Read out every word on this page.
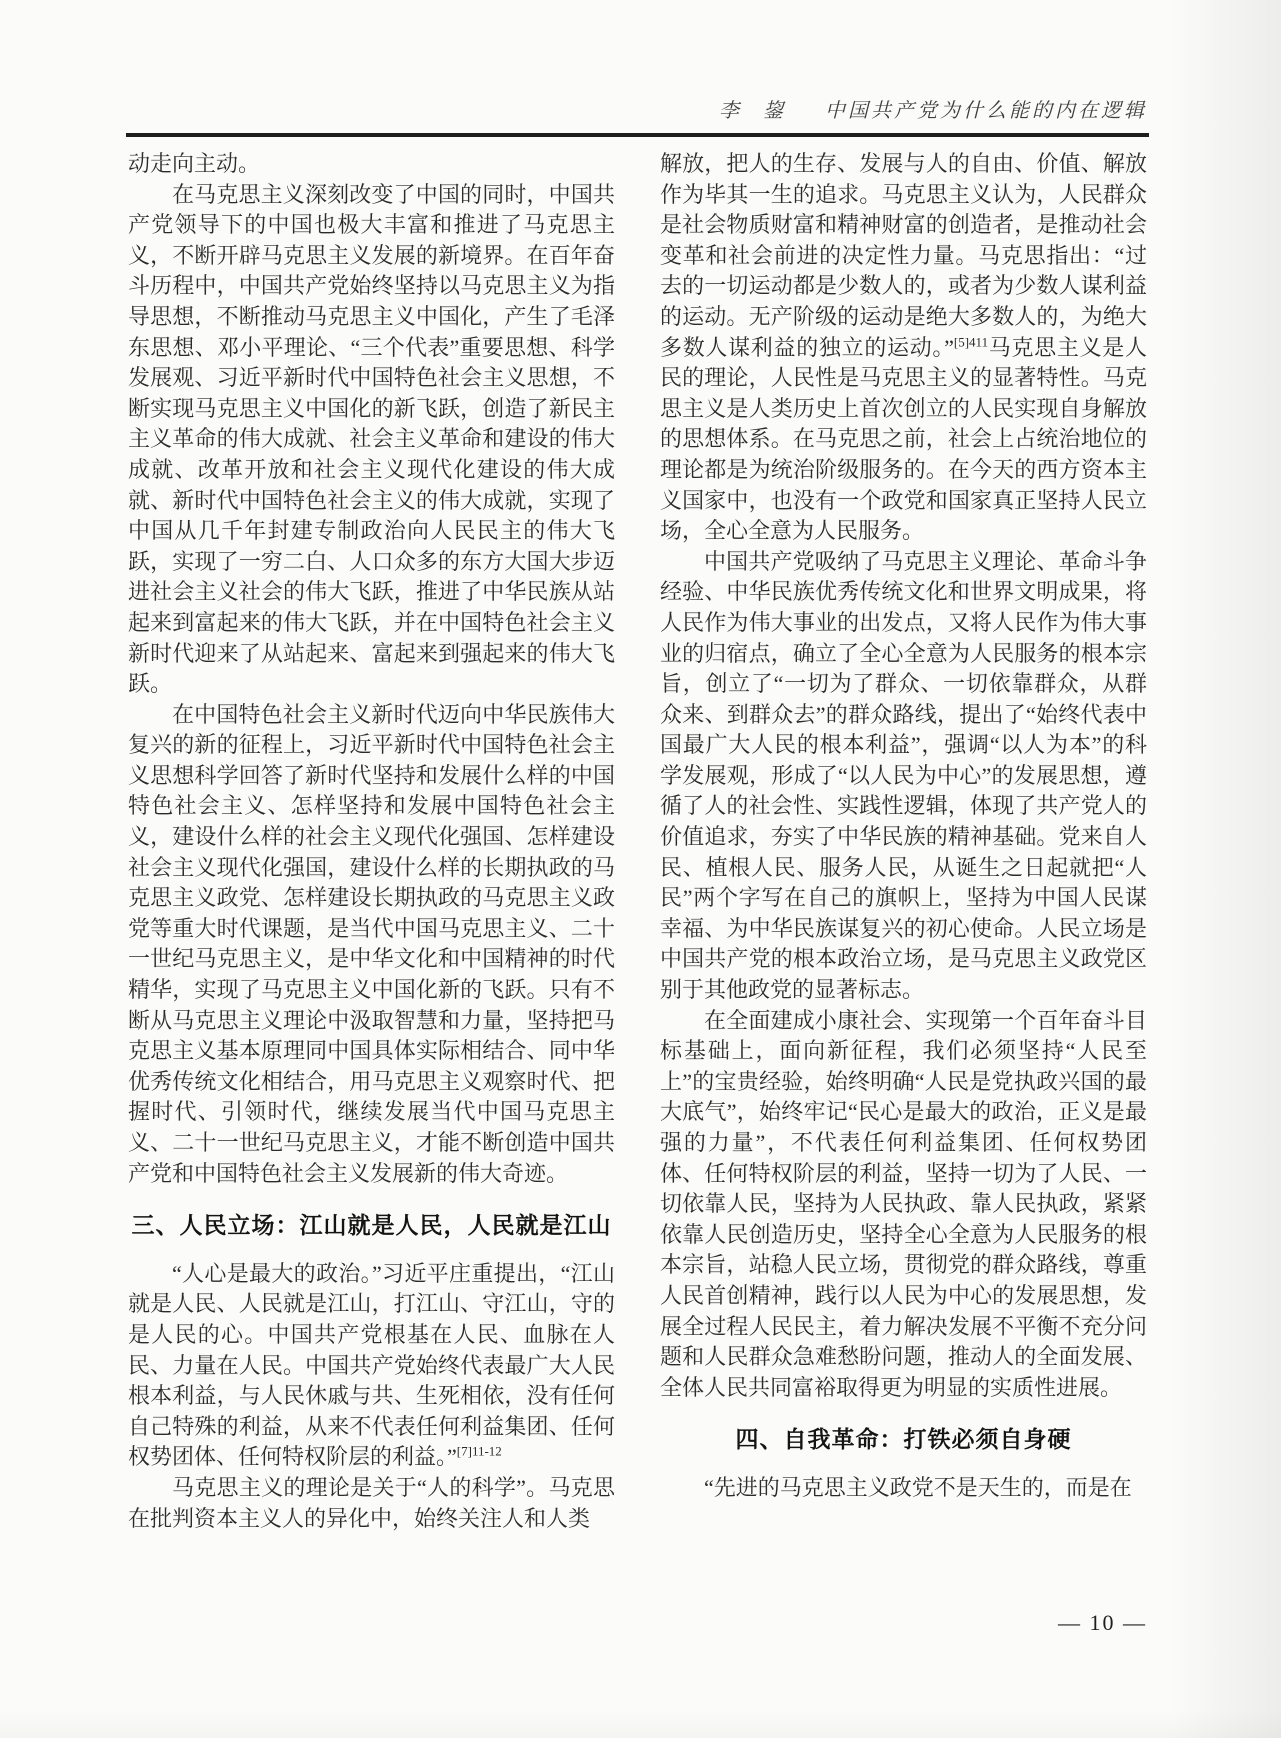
李　鋆 中国共产党为什么能的内在逻辑

动走向主动。

在马克思主义深刻改变了中国的同时，中国共产党领导下的中国也极大丰富和推进了马克思主义，不断开辟马克思主义发展的新境界。在百年奋斗历程中，中国共产党始终坚持以马克思主义为指导思想，不断推动马克思主义中国化，产生了毛泽东思想、邓小平理论、“三个代表”重要思想、科学发展观、习近平新时代中国特色社会主义思想，不断实现马克思主义中国化的新飞跃，创造了新民主主义革命的伟大成就、社会主义革命和建设的伟大成就、改革开放和社会主义现代化建设的伟大成就、新时代中国特色社会主义的伟大成就，实现了中国从几千年封建专制政治向人民民主的伟大飞跃，实现了一穷二白、人口众多的东方大国大步迈进社会主义社会的伟大飞跃，推进了中华民族从站起来到富起来的伟大飞跃，并在中国特色社会主义新时代迎来了从站起来、富起来到强起来的伟大飞跃。

在中国特色社会主义新时代迈向中华民族伟大复兴的新的征程上，习近平新时代中国特色社会主义思想科学回答了新时代坚持和发展什么样的中国特色社会主义、怎样坚持和发展中国特色社会主义，建设什么样的社会主义现代化强国、怎样建设社会主义现代化强国，建设什么样的长期执政的马克思主义政党、怎样建设长期执政的马克思主义政党等重大时代课题，是当代中国马克思主义、二十一世纪马克思主义，是中华文化和中国精神的时代精华，实现了马克思主义中国化新的飞跃。只有不断从马克思主义理论中汲取智慧和力量，坚持把马克思主义基本原理同中国具体实际相结合、同中华优秀传统文化相结合，用马克思主义观察时代、把握时代、引领时代，继续发展当代中国马克思主义、二十一世纪马克思主义，才能不断创造中国共产党和中国特色社会主义发展新的伟大奇迹。

三、人民立场：江山就是人民，人民就是江山

“人心是最大的政治。”习近平庄重提出，“江山就是人民、人民就是江山，打江山、守江山，守的是人民的心。中国共产党根基在人民、血脉在人民、力量在人民。中国共产党始终代表最广大人民根本利益，与人民休戚与共、生死相依，没有任何自己特殊的利益，从来不代表任何利益集团、任何权势团体、任何特权阶层的利益。”$^{[7]11-12}$

马克思主义的理论是关于“人的科学”。马克思在批判资本主义人的异化中，始终关注人和人类

解放，把人的生存、发展与人的自由、价值、解放作为毕其一生的追求。马克思主义认为，人民群众是社会物质财富和精神财富的创造者，是推动社会变革和社会前进的决定性力量。马克思指出：“过去的一切运动都是少数人的，或者为少数人谋利益的运动。无产阶级的运动是绝大多数人的，为绝大多数人谋利益的独立的运动。”$^{[5]411}$马克思主义是人民的理论，人民性是马克思主义的显著特性。马克思主义是人类历史上首次创立的人民实现自身解放的思想体系。在马克思之前，社会上占统治地位的理论都是为统治阶级服务的。在今天的西方资本主义国家中，也没有一个政党和国家真正坚持人民立场，全心全意为人民服务。

中国共产党吸纳了马克思主义理论、革命斗争经验、中华民族优秀传统文化和世界文明成果，将人民作为伟大事业的出发点，又将人民作为伟大事业的归宿点，确立了全心全意为人民服务的根本宗旨，创立了“一切为了群众、一切依靠群众，从群众来、到群众去”的群众路线，提出了“始终代表中国最广大人民的根本利益”，强调“以人为本”的科学发展观，形成了“以人民为中心”的发展思想，遵循了人的社会性、实践性逻辑，体现了共产党人的价值追求，夯实了中华民族的精神基础。党来自人民、植根人民、服务人民，从诞生之日起就把“人民”两个字写在自己的旗帜上，坚持为中国人民谋幸福、为中华民族谋复兴的初心使命。人民立场是中国共产党的根本政治立场，是马克思主义政党区别于其他政党的显著标志。

在全面建成小康社会、实现第一个百年奋斗目标基础上，面向新征程，我们必须坚持“人民至上”的宝贵经验，始终明确“人民是党执政兴国的最大底气”，始终牢记“民心是最大的政治，正义是最强的力量”，不代表任何利益集团、任何权势团体、任何特权阶层的利益，坚持一切为了人民、一切依靠人民，坚持为人民执政、靠人民执政，紧紧依靠人民创造历史，坚持全心全意为人民服务的根本宗旨，站稳人民立场，贯彻党的群众路线，尊重人民首创精神，践行以人民为中心的发展思想，发展全过程人民民主，着力解决发展不平衡不充分问题和人民群众急难愁盼问题，推动人的全面发展、全体人民共同富裕取得更为明显的实质性进展。

四、自我革命：打铁必须自身硬

“先进的马克思主义政党不是天生的，而是在

— 10 —
